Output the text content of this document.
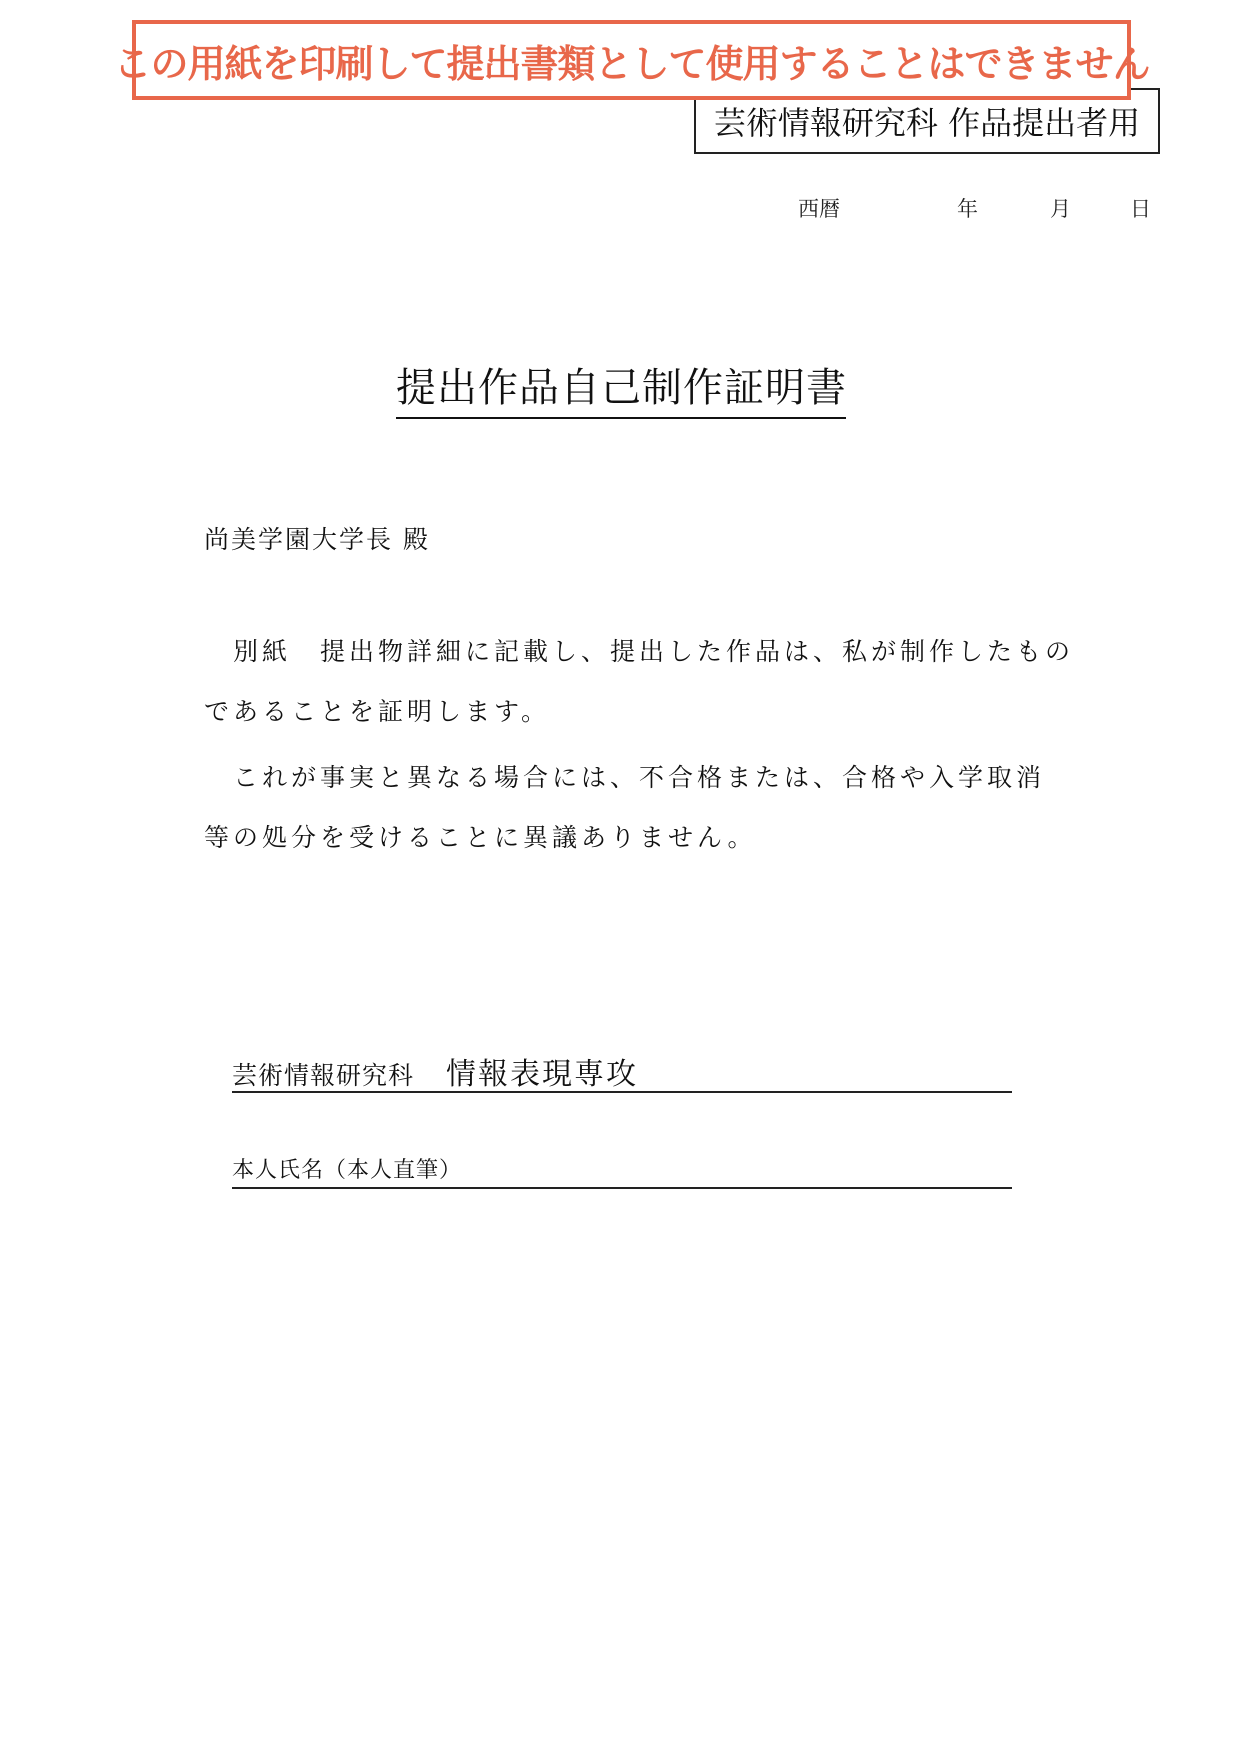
この用紙を印刷して提出書類として使用することはできません
芸術情報研究科 作品提出者用
西暦	年	月	日
提出作品自己制作証明書
尚美学園大学長 殿
　別紙　提出物詳細に記載し、提出した作品は、私が制作したもの
であることを証明します。
　これが事実と異なる場合には、不合格または、合格や入学取消
等の処分を受けることに異議ありません。
芸術情報研究科 情報表現専攻
本人氏名（本人直筆）
